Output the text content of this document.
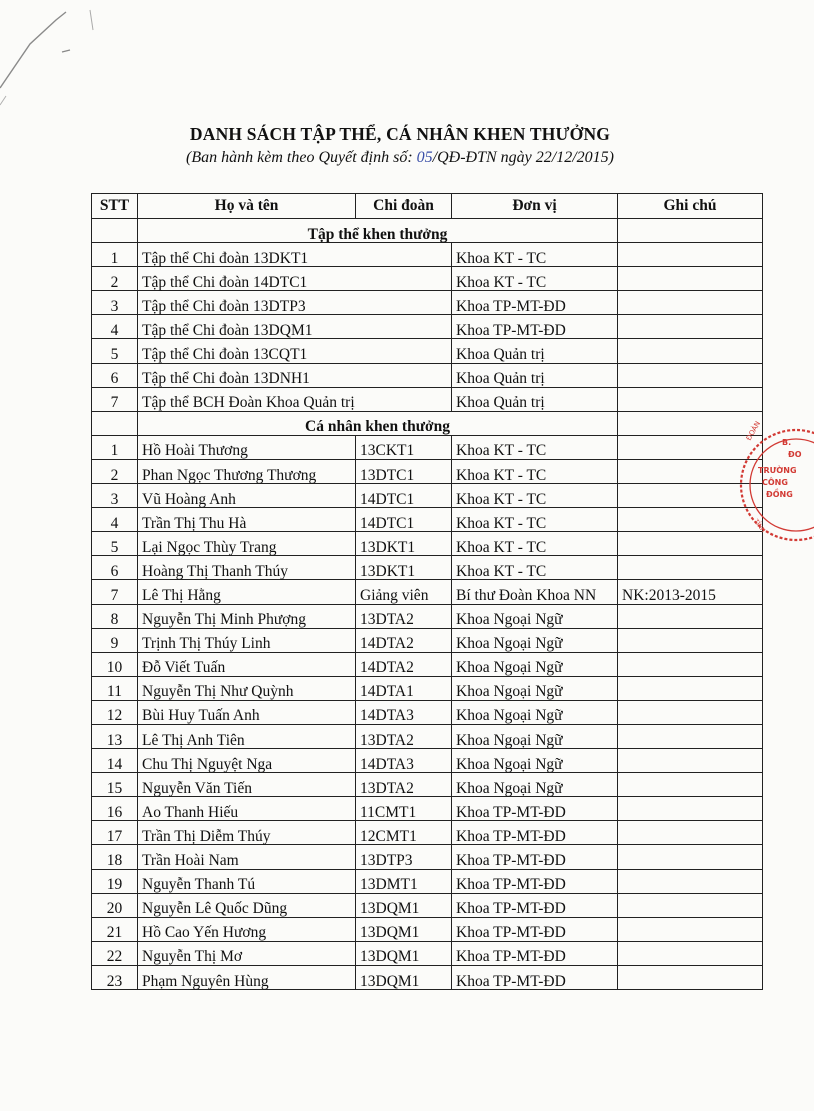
DANH SÁCH TẬP THỂ, CÁ NHÂN KHEN THƯỞNG
(Ban hành kèm theo Quyết định số: 05/QĐ-ĐTN ngày 22/12/2015)
STT	Họ và tên	Chi đoàn	Đơn vị	Ghi chú
	Tập thể khen thưởng			
1	Tập thể Chi đoàn 13DKT1		Khoa KT - TC	
2	Tập thể Chi đoàn 14DTC1		Khoa KT - TC	
3	Tập thể Chi đoàn 13DTP3		Khoa TP-MT-ĐD	
4	Tập thể Chi đoàn 13DQM1		Khoa TP-MT-ĐD	
5	Tập thể Chi đoàn 13CQT1		Khoa Quản trị	
6	Tập thể Chi đoàn 13DNH1		Khoa Quản trị	
7	Tập thể BCH Đoàn Khoa Quản trị		Khoa Quản trị	
	Cá nhân khen thưởng			
1	Hồ Hoài Thương	13CKT1	Khoa KT - TC	
2	Phan Ngọc Thương Thương	13DTC1	Khoa KT - TC	
3	Vũ Hoàng Anh	14DTC1	Khoa KT - TC	
4	Trần Thị Thu Hà	14DTC1	Khoa KT - TC	
5	Lại Ngọc Thùy Trang	13DKT1	Khoa KT - TC	
6	Hoàng Thị Thanh Thúy	13DKT1	Khoa KT - TC	
7	Lê Thị Hằng	Giảng viên	Bí thư Đoàn Khoa NN	NK:2013-2015
8	Nguyễn Thị Minh Phượng	13DTA2	Khoa Ngoại Ngữ	
9	Trịnh Thị Thúy Linh	14DTA2	Khoa Ngoại Ngữ	
10	Đỗ Viết Tuấn	14DTA2	Khoa Ngoại Ngữ	
11	Nguyễn Thị Như Quỳnh	14DTA1	Khoa Ngoại Ngữ	
12	Bùi Huy Tuấn Anh	14DTA3	Khoa Ngoại Ngữ	
13	Lê Thị Anh Tiên	13DTA2	Khoa Ngoại Ngữ	
14	Chu Thị Nguyệt Nga	14DTA3	Khoa Ngoại Ngữ	
15	Nguyễn Văn Tiến	13DTA2	Khoa Ngoại Ngữ	
16	Ao Thanh Hiếu	11CMT1	Khoa TP-MT-ĐD	
17	Trần Thị Diễm Thúy	12CMT1	Khoa TP-MT-ĐD	
18	Trần Hoài Nam	13DTP3	Khoa TP-MT-ĐD	
19	Nguyễn Thanh Tú	13DMT1	Khoa TP-MT-ĐD	
20	Nguyễn Lê Quốc Dũng	13DQM1	Khoa TP-MT-ĐD	
21	Hồ Cao Yến Hương	13DQM1	Khoa TP-MT-ĐD	
22	Nguyễn Thị Mơ	13DQM1	Khoa TP-MT-ĐD	
23	Phạm Nguyên Hùng	13DQM1	Khoa TP-MT-ĐD	
ĐOÀN
B.
ĐO
TRƯỜNG
CÔNG
ĐỒNG
TỈNH
